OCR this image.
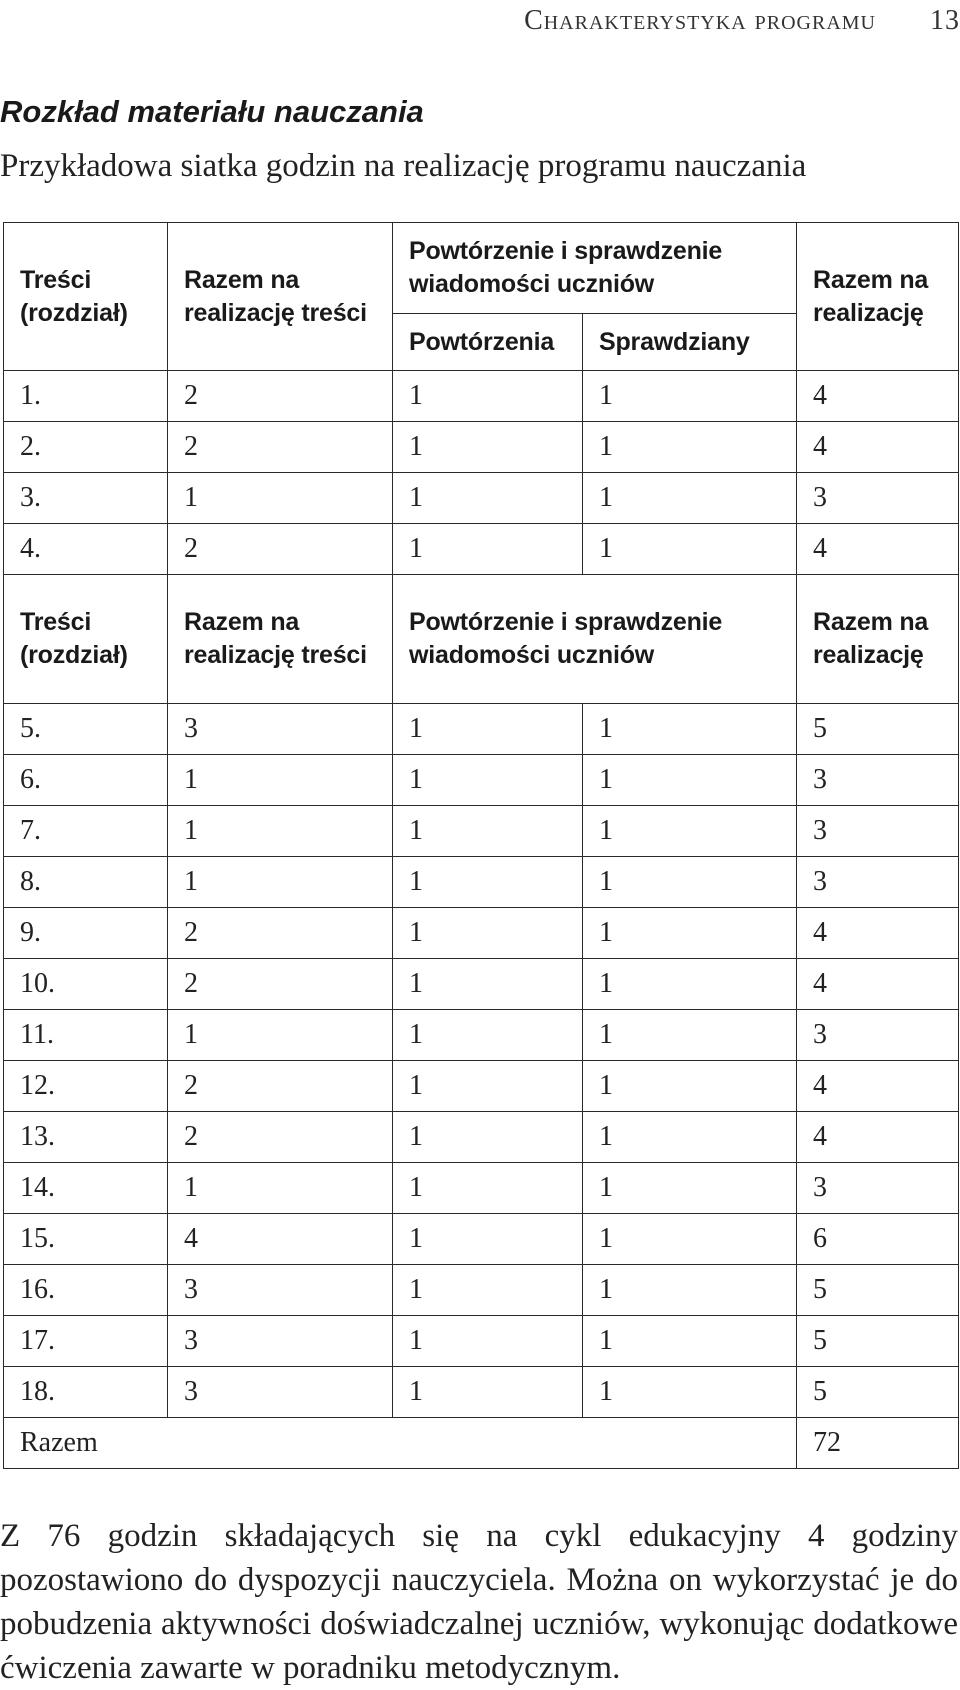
Charakterystyka programu	13
Rozkład materiału nauczania

Przykładowa siatka godzin na realizację programu nauczania

Treści (rozdział)	Razem na realizację treści	Powtórzenie i sprawdzenie wiadomości uczniów		Razem na realizację
		Powtórzenia	Sprawdziany	
1.	2	1	1	4
2.	2	1	1	4
3.	1	1	1	3
4.	2	1	1	4
Treści (rozdział)	Razem na realizację treści	Powtórzenie i sprawdzenie wiadomości uczniów		Razem na realizację
5.	3	1	1	5
6.	1	1	1	3
7.	1	1	1	3
8.	1	1	1	3
9.	2	1	1	4
10.	2	1	1	4
11.	1	1	1	3
12.	2	1	1	4
13.	2	1	1	4
14.	1	1	1	3
15.	4	1	1	6
16.	3	1	1	5
17.	3	1	1	5
18.	3	1	1	5
Razem				72

Z 76 godzin składających się na cykl edukacyjny 4 godziny pozostawiono do dyspozycji nauczyciela. Można on wykorzystać je do pobudzenia aktywności doświadczalnej uczniów, wykonując dodatkowe ćwiczenia zawarte w poradniku metodycznym.
